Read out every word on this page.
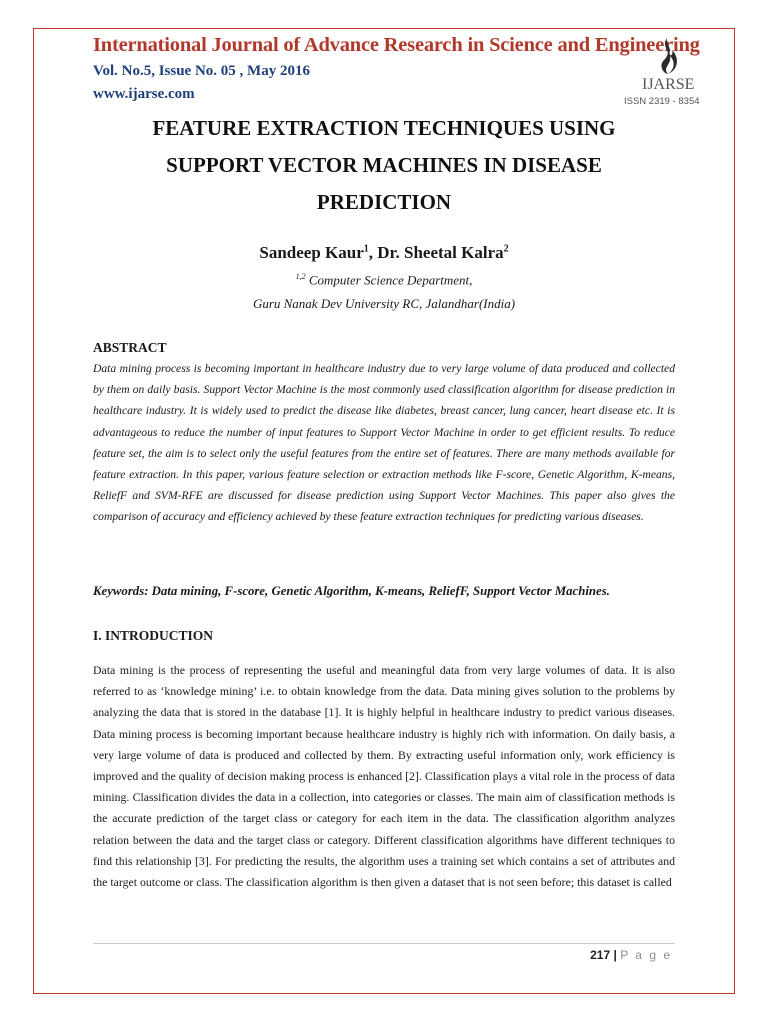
International Journal of Advance Research in Science and Engineering
Vol. No.5, Issue No. 05 , May 2016
www.ijarse.com
IJARSE
ISSN 2319 - 8354
FEATURE EXTRACTION TECHNIQUES USING
SUPPORT VECTOR MACHINES IN DISEASE
PREDICTION
Sandeep Kaur$^1$, Dr. Sheetal Kalra$^2$
$^{1,2}$ Computer Science Department,
Guru Nanak Dev University RC, Jalandhar(India)
ABSTRACT
Data mining process is becoming important in healthcare industry due to very large volume of data produced and collected by them on daily basis. Support Vector Machine is the most commonly used classification algorithm for disease prediction in healthcare industry. It is widely used to predict the disease like diabetes, breast cancer, lung cancer, heart disease etc. It is advantageous to reduce the number of input features to Support Vector Machine in order to get efficient results. To reduce feature set, the aim is to select only the useful features from the entire set of features. There are many methods available for feature extraction. In this paper, various feature selection or extraction methods like F-score, Genetic Algorithm, K-means, ReliefF and SVM-RFE are discussed for disease prediction using Support Vector Machines. This paper also gives the comparison of accuracy and efficiency achieved by these feature extraction techniques for predicting various diseases.
Keywords: Data mining, F-score, Genetic Algorithm, K-means, ReliefF, Support Vector Machines.
I. INTRODUCTION
Data mining is the process of representing the useful and meaningful data from very large volumes of data. It is also referred to as ‘knowledge mining’ i.e. to obtain knowledge from the data. Data mining gives solution to the problems by analyzing the data that is stored in the database [1]. It is highly helpful in healthcare industry to predict various diseases. Data mining process is becoming important because healthcare industry is highly rich with information. On daily basis, a very large volume of data is produced and collected by them. By extracting useful information only, work efficiency is improved and the quality of decision making process is enhanced [2]. Classification plays a vital role in the process of data mining. Classification divides the data in a collection, into categories or classes. The main aim of classification methods is the accurate prediction of the target class or category for each item in the data. The classification algorithm analyzes relation between the data and the target class or category. Different classification algorithms have different techniques to find this relationship [3]. For predicting the results, the algorithm uses a training set which contains a set of attributes and the target outcome or class. The classification algorithm is then given a dataset that is not seen before; this dataset is called
217 | P a g e
